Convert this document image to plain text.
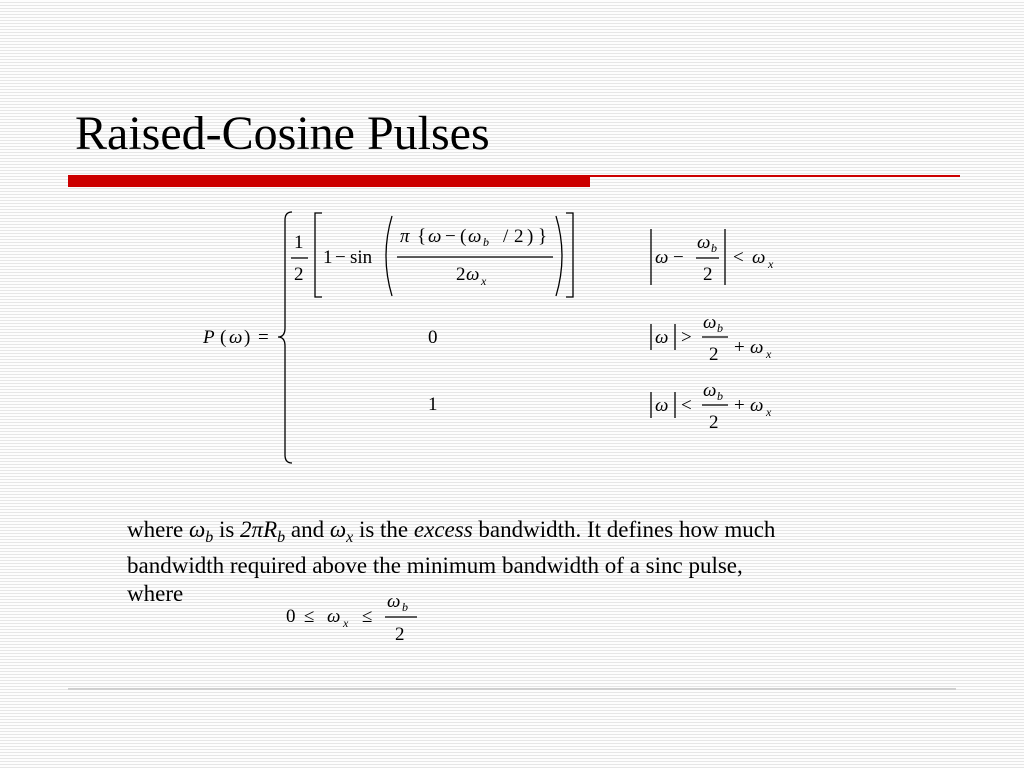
Raised-Cosine Pulses
P ( ω ) =
1
2
1 − sin
π { ω − ( ω b / 2 ) }
2 ω x
ω −
ω b
2
< ω x
0	ω >
ω b
2 + ω x
1	ω <
ω b
2
+ ω x
0 ≤ ω x ≤
ω b
2
where $\omega_b$ is $2\pi R_b$ and $\omega_x$ is the excess bandwidth. It defines how much
bandwidth required above the minimum bandwidth of a sinc pulse,
where
